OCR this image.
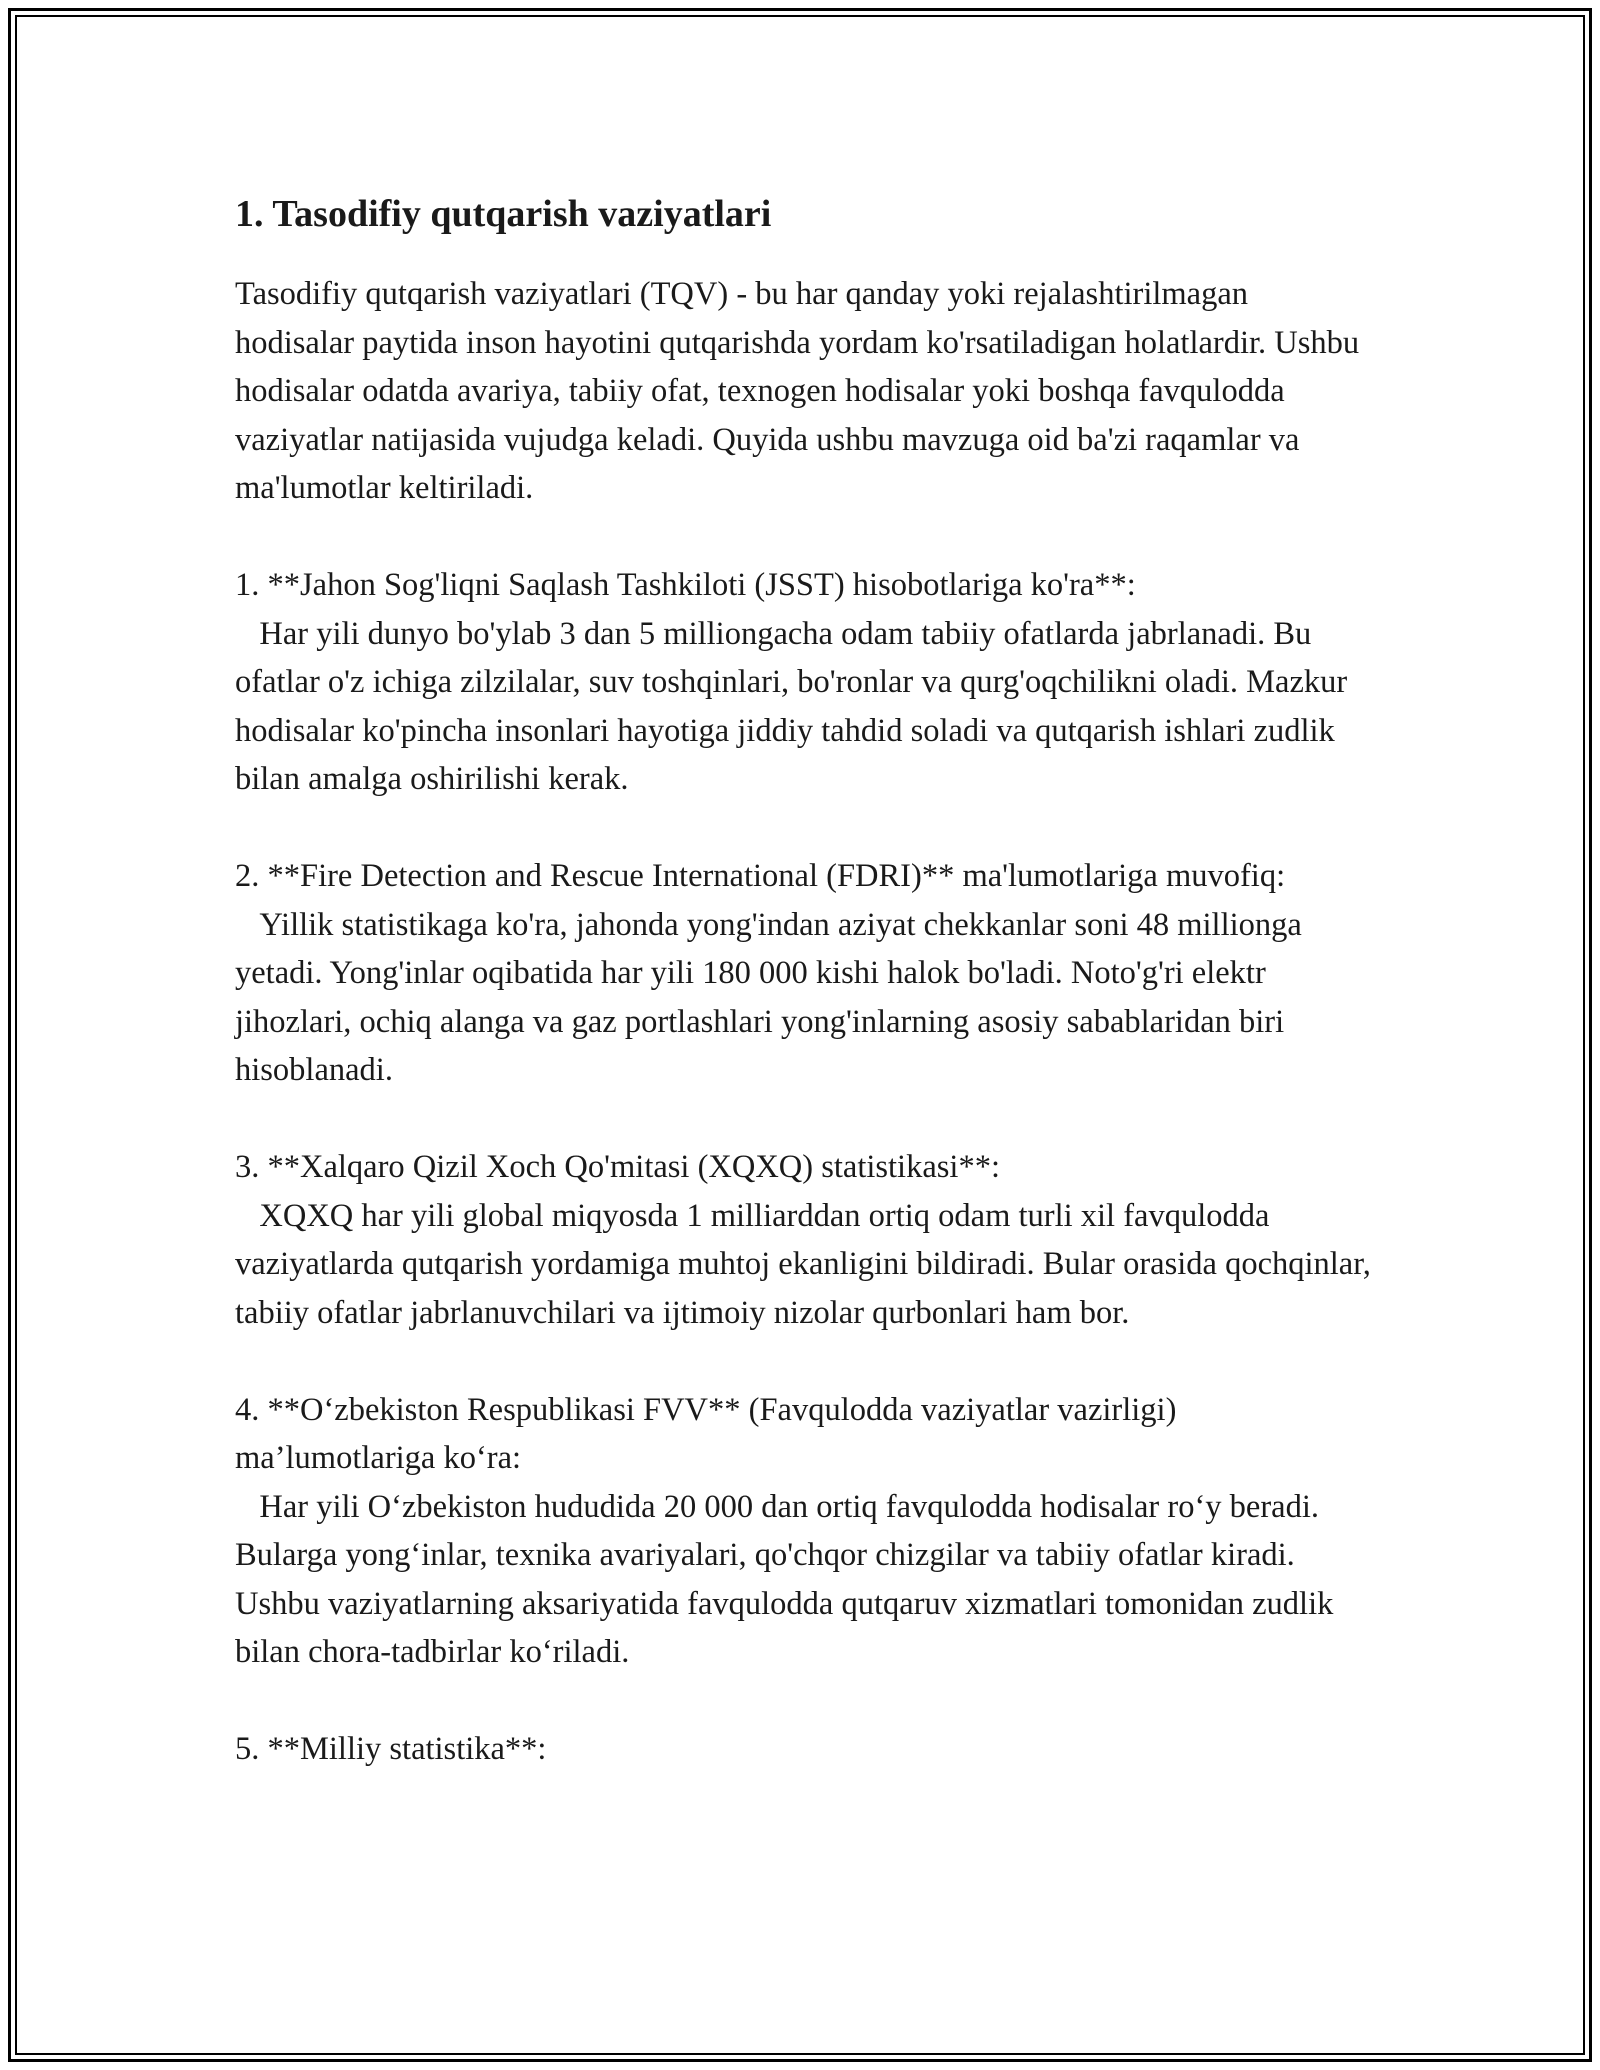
1. Tasodifiy qutqarish vaziyatlari

Tasodifiy qutqarish vaziyatlari (TQV) - bu har qanday yoki rejalashtirilmagan hodisalar paytida inson hayotini qutqarishda yordam ko'rsatiladigan holatlardir. Ushbu hodisalar odatda avariya, tabiiy ofat, texnogen hodisalar yoki boshqa favqulodda vaziyatlar natijasida vujudga keladi. Quyida ushbu mavzuga oid ba'zi raqamlar va ma'lumotlar keltiriladi.

1. **Jahon Sog'liqni Saqlash Tashkiloti (JSST) hisobotlariga ko'ra**:

Har yili dunyo bo'ylab 3 dan 5 milliongacha odam tabiiy ofatlarda jabrlanadi. Bu ofatlar o'z ichiga zilzilalar, suv toshqinlari, bo'ronlar va qurg'oqchilikni oladi. Mazkur hodisalar ko'pincha insonlari hayotiga jiddiy tahdid soladi va qutqarish ishlari zudlik bilan amalga oshirilishi kerak.

2. **Fire Detection and Rescue International (FDRI)** ma'lumotlariga muvofiq:

Yillik statistikaga ko'ra, jahonda yong'indan aziyat chekkanlar soni 48 millionga yetadi. Yong'inlar oqibatida har yili 180 000 kishi halok bo'ladi. Noto'g'ri elektr jihozlari, ochiq alanga va gaz portlashlari yong'inlarning asosiy sabablaridan biri hisoblanadi.

3. **Xalqaro Qizil Xoch Qo'mitasi (XQXQ) statistikasi**:

XQXQ har yili global miqyosda 1 milliarddan ortiq odam turli xil favqulodda vaziyatlarda qutqarish yordamiga muhtoj ekanligini bildiradi. Bular orasida qochqinlar, tabiiy ofatlar jabrlanuvchilari va ijtimoiy nizolar qurbonlari ham bor.

4. **O‘zbekiston Respublikasi FVV** (Favqulodda vaziyatlar vazirligi) ma’lumotlariga ko‘ra:

Har yili O‘zbekiston hududida 20 000 dan ortiq favqulodda hodisalar ro‘y beradi. Bularga yong‘inlar, texnika avariyalari, qo'chqor chizgilar va tabiiy ofatlar kiradi. Ushbu vaziyatlarning aksariyatida favqulodda qutqaruv xizmatlari tomonidan zudlik bilan chora-tadbirlar ko‘riladi.

5. **Milliy statistika**:
